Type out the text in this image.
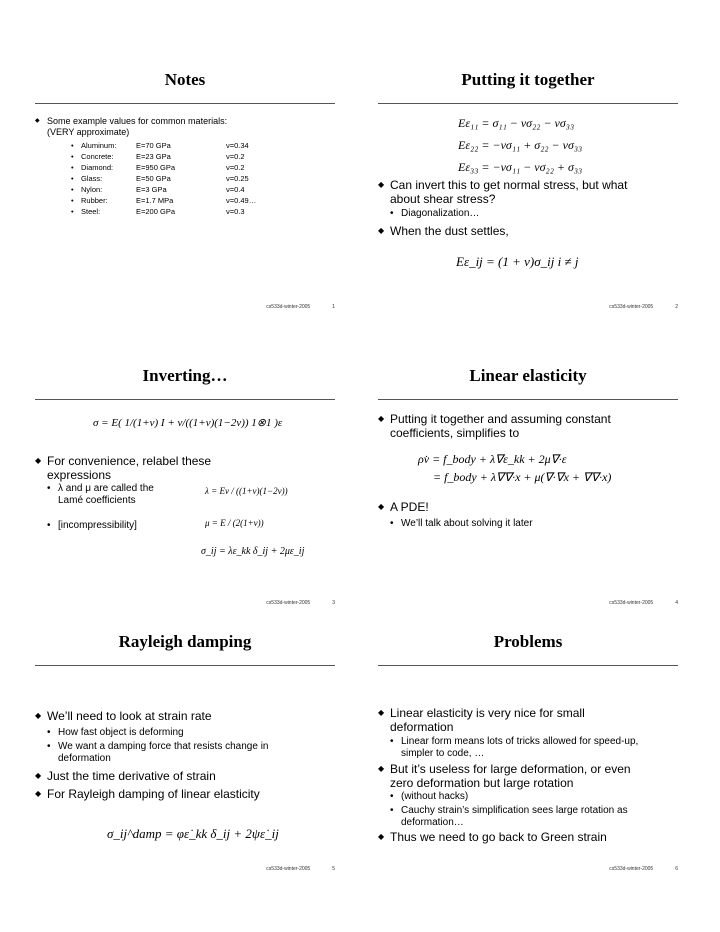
Notes
◆
Some example values for common materials: (VERY approximate)
• Aluminum:	E=70 GPa	ν=0.34
• Concrete:	E=23 GPa	ν=0.2
• Diamond:	E=950 GPa	ν=0.2
• Glass:	E=50 GPa	ν=0.25
• Nylon:	E=3 GPa	ν=0.4
• Rubber:	E=1.7 MPa	ν=0.49…
• Steel:	E=200 GPa	ν=0.3
cs533d-winter-2005	1
Putting it together
Eε₁₁ = σ₁₁ − νσ₂₂ − νσ₃₃
Eε₂₂ = −νσ₁₁ + σ₂₂ − νσ₃₃
Eε₃₃ = −νσ₁₁ − νσ₂₂ + σ₃₃
◆
Can invert this to get normal stress, but what about shear stress?
• Diagonalization…
◆
When the dust settles,
Eε_ij = (1 + ν)σ_ij i ≠ j
cs533d-winter-2005	2
Inverting…
σ = E( 1/(1+ν) I + ν/((1+ν)(1−2ν)) 1⊗1 )ε
◆
For convenience, relabel these expressions
• λ and μ are called the Lamé coefficients
• [incompressibility]
λ = Eν / ((1+ν)(1−2ν))
μ = E / (2(1+ν))
σ_ij = λε_kk δ_ij + 2με_ij
cs533d-winter-2005	3
Linear elasticity
◆
Putting it together and assuming constant coefficients, simplifies to
ρv̇ = f_body + λ∇ε_kk + 2μ∇·ε
= f_body + λ∇∇·x + μ(∇·∇x + ∇∇·x)
◆
A PDE!
• We’ll talk about solving it later
cs533d-winter-2005	4
Rayleigh damping
◆
We’ll need to look at strain rate
• How fast object is deforming
• We want a damping force that resists change in deformation
◆
Just the time derivative of strain
◆
For Rayleigh damping of linear elasticity
σ_ij^damp = φε̇_kk δ_ij + 2ψε̇_ij
cs533d-winter-2005	5
Problems
◆
Linear elasticity is very nice for small deformation
• Linear form means lots of tricks allowed for speed-up, simpler to code, …
◆
But it’s useless for large deformation, or even zero deformation but large rotation
• (without hacks)
• Cauchy strain’s simplification sees large rotation as deformation…
◆
Thus we need to go back to Green strain
cs533d-winter-2005	6
